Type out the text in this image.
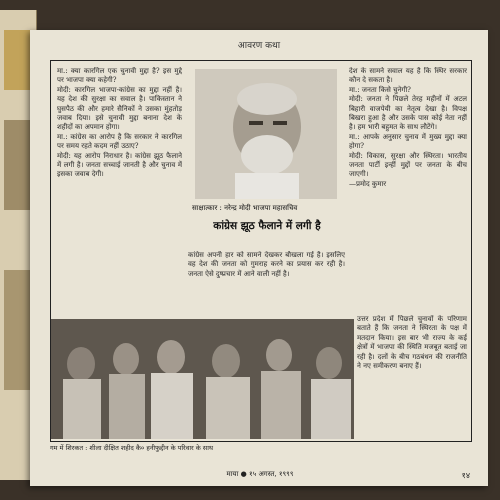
आवरण कथा

मा.: क्या कारगिल एक चुनावी मुद्दा है? इस मुद्दे पर भाजपा क्या कहेगी?

मोदी: कारगिल भाजपा-कांग्रेस का मुद्दा नहीं है। यह देश की सुरक्षा का सवाल है। पाकिस्तान ने घुसपैठ की और हमारे सैनिकों ने उसका मुंहतोड़ जवाब दिया। इसे चुनावी मुद्दा बनाना देश के शहीदों का अपमान होगा।

मा.: कांग्रेस का आरोप है कि सरकार ने कारगिल पर समय रहते कदम नहीं उठाए?

मोदी: यह आरोप निराधार है। कांग्रेस झूठ फैलाने में लगी है। जनता सच्चाई जानती है और चुनाव में इसका जवाब देगी।

साक्षात्कार : नरेन्द्र मोदी भाजपा महासचिव
कांग्रेस झूठ फैलाने में लगी है
कांग्रेस अपनी हार को सामने देखकर बौखला गई है। इसलिए वह देश की जनता को गुमराह करने का प्रयास कर रही है। जनता ऐसे दुष्प्रचार में आने वाली नहीं है।

देश के सामने सवाल यह है कि स्थिर सरकार कौन दे सकता है।

मा.: जनता किसे चुनेगी?

मोदी: जनता ने पिछले तेरह महीनों में अटल बिहारी वाजपेयी का नेतृत्व देखा है। विपक्ष बिखरा हुआ है और उसके पास कोई नेता नहीं है। हम भारी बहुमत के साथ लौटेंगे।

मा.: आपके अनुसार चुनाव में मुख्य मुद्दा क्या होगा?

मोदी: विकास, सुरक्षा और स्थिरता। भारतीय जनता पार्टी इन्हीं मुद्दों पर जनता के बीच जाएगी।

—प्रमोद कुमार

उत्तर प्रदेश में पिछले चुनावों के परिणाम बताते हैं कि जनता ने स्थिरता के पक्ष में मतदान किया। इस बार भी राज्य के कई क्षेत्रों में भाजपा की स्थिति मजबूत बताई जा रही है। दलों के बीच गठबंधन की राजनीति ने नए समीकरण बनाए हैं।
गम में शिरकत : शीला दीक्षित शहीद कै० हनीफुद्दीन के परिवार के साथ
माया ● १५ अगस्त, १९९९	१४
